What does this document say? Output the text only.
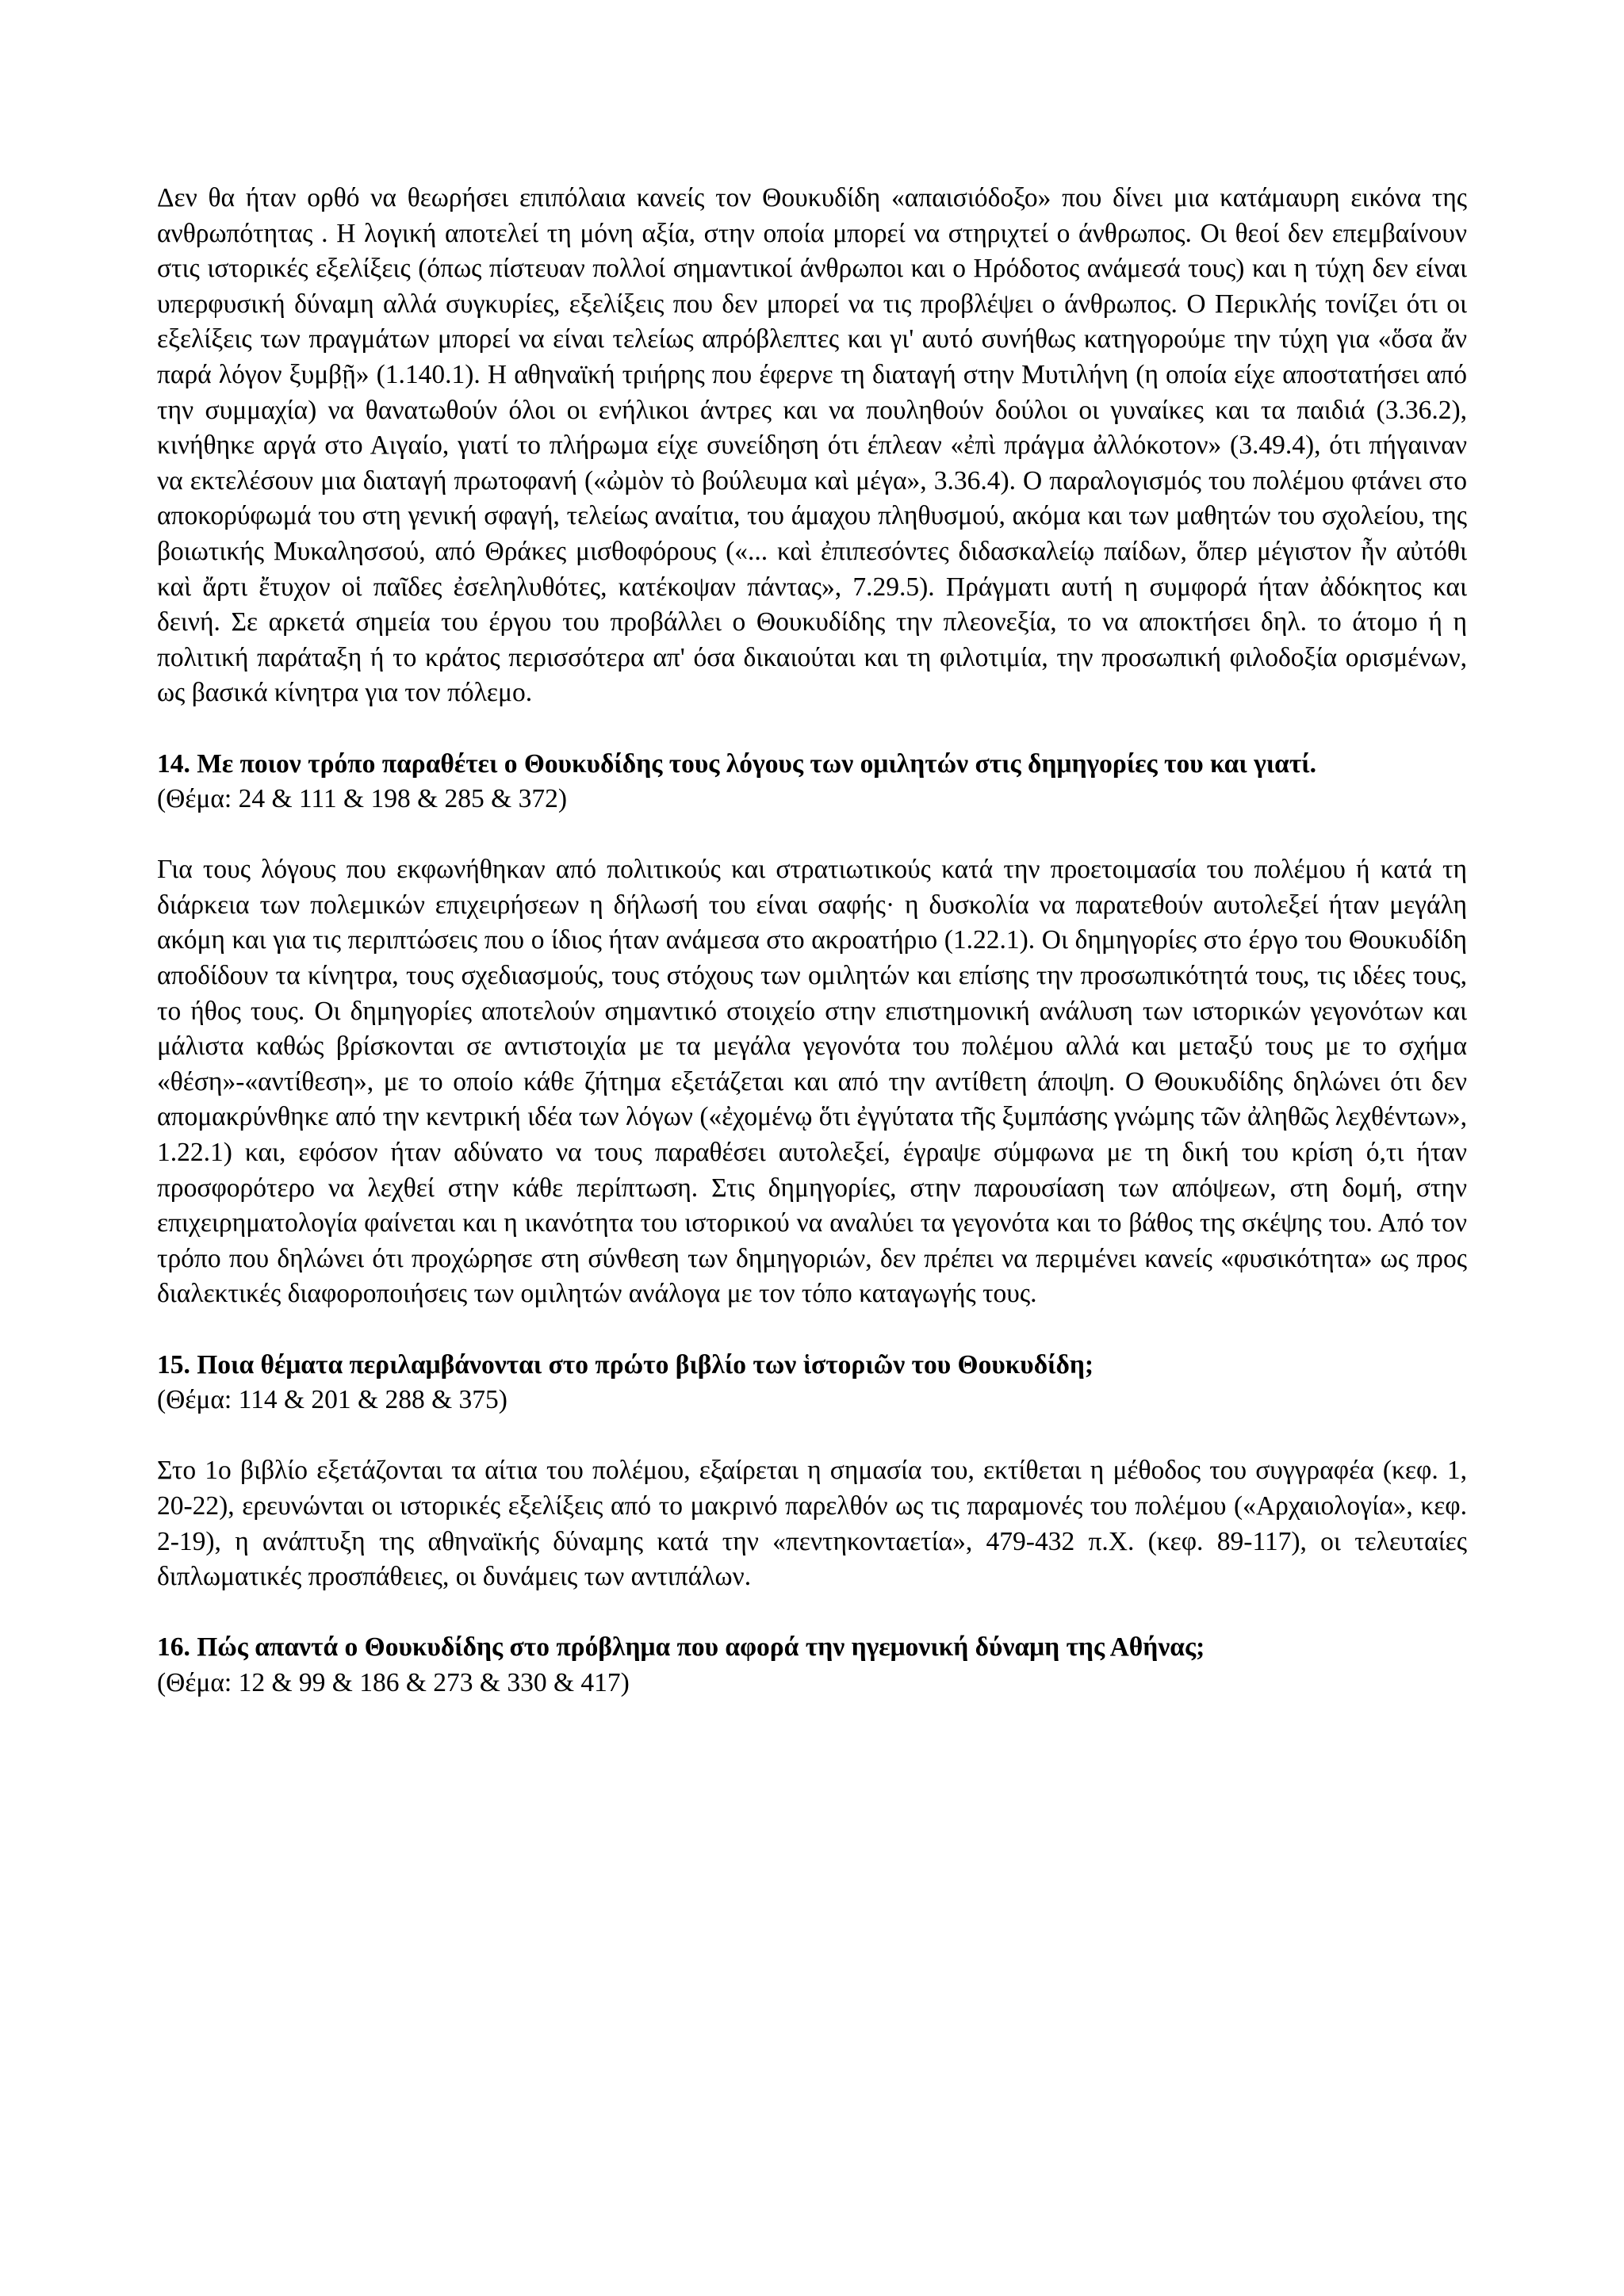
Δεν θα ήταν ορθό να θεωρήσει επιπόλαια κανείς τον Θουκυδίδη «απαισιόδοξο» που δίνει μια κατάμαυρη εικόνα της ανθρωπότητας . Η λογική αποτελεί τη μόνη αξία, στην οποία μπορεί να στηριχτεί ο άνθρωπος. Οι θεοί δεν επεμβαίνουν στις ιστορικές εξελίξεις (όπως πίστευαν πολλοί σημαντικοί άνθρωποι και ο Ηρόδοτος ανάμεσά τους) και η τύχη δεν είναι υπερφυσική δύναμη αλλά συγκυρίες, εξελίξεις που δεν μπορεί να τις προβλέψει ο άνθρωπος. Ο Περικλής τονίζει ότι οι εξελίξεις των πραγμάτων μπορεί να είναι τελείως απρόβλεπτες και γι' αυτό συνήθως κατηγορούμε την τύχη για «ὅσα ἄν παρά λόγον ξυμβῇ» (1.140.1). Η αθηναϊκή τριήρης που έφερνε τη διαταγή στην Μυτιλήνη (η οποία είχε αποστατήσει από την συμμαχία) να θανατωθούν όλοι οι ενήλικοι άντρες και να πουληθούν δούλοι οι γυναίκες και τα παιδιά (3.36.2), κινήθηκε αργά στο Αιγαίο, γιατί το πλήρωμα είχε συνείδηση ότι έπλεαν «ἐπὶ πράγμα ἀλλόκοτον» (3.49.4), ότι πήγαιναν να εκτελέσουν μια διαταγή πρωτοφανή («ὠμὸν τὸ βούλευμα καὶ μέγα», 3.36.4). Ο παραλογισμός του πολέμου φτάνει στο αποκορύφωμά του στη γενική σφαγή, τελείως αναίτια, του άμαχου πληθυσμού, ακόμα και των μαθητών του σχολείου, της βοιωτικής Μυκαλησσού, από Θράκες μισθοφόρους («... καὶ ἐπιπεσόντες διδασκαλείῳ παίδων, ὅπερ μέγιστον ἦν αὐτόθι καὶ ἄρτι ἔτυχον οἱ παῖδες ἐσεληλυθότες, κατέκοψαν πάντας», 7.29.5). Πράγματι αυτή η συμφορά ήταν ἀδόκητος και δεινή. Σε αρκετά σημεία του έργου του προβάλλει ο Θουκυδίδης την πλεονεξία, το να αποκτήσει δηλ. το άτομο ή η πολιτική παράταξη ή το κράτος περισσότερα απ' όσα δικαιούται και τη φιλοτιμία, την προσωπική φιλοδοξία ορισμένων, ως βασικά κίνητρα για τον πόλεμο.

14. Με ποιον τρόπο παραθέτει ο Θουκυδίδης τους λόγους των ομιλητών στις δημηγορίες του και γιατί.

(Θέμα: 24 & 111 & 198 & 285 & 372)

Για τους λόγους που εκφωνήθηκαν από πολιτικούς και στρατιωτικούς κατά την προετοιμασία του πολέμου ή κατά τη διάρκεια των πολεμικών επιχειρήσεων η δήλωσή του είναι σαφής· η δυσκολία να παρατεθούν αυτολεξεί ήταν μεγάλη ακόμη και για τις περιπτώσεις που ο ίδιος ήταν ανάμεσα στο ακροατήριο (1.22.1). Οι δημηγορίες στο έργο του Θουκυδίδη αποδίδουν τα κίνητρα, τους σχεδιασμούς, τους στόχους των ομιλητών και επίσης την προσωπικότητά τους, τις ιδέες τους, το ήθος τους. Οι δημηγορίες αποτελούν σημαντικό στοιχείο στην επιστημονική ανάλυση των ιστορικών γεγονότων και μάλιστα καθώς βρίσκονται σε αντιστοιχία με τα μεγάλα γεγονότα του πολέμου αλλά και μεταξύ τους με το σχήμα «θέση»-«αντίθεση», με το οποίο κάθε ζήτημα εξετάζεται και από την αντίθετη άποψη. Ο Θουκυδίδης δηλώνει ότι δεν απομακρύνθηκε από την κεντρική ιδέα των λόγων («ἐχομένῳ ὅτι ἐγγύτατα τῆς ξυμπάσης γνώμης τῶν ἀληθῶς λεχθέντων», 1.22.1) και, εφόσον ήταν αδύνατο να τους παραθέσει αυτολεξεί, έγραψε σύμφωνα με τη δική του κρίση ό,τι ήταν προσφορότερο να λεχθεί στην κάθε περίπτωση. Στις δημηγορίες, στην παρουσίαση των απόψεων, στη δομή, στην επιχειρηματολογία φαίνεται και η ικανότητα του ιστορικού να αναλύει τα γεγονότα και το βάθος της σκέψης του. Από τον τρόπο που δηλώνει ότι προχώρησε στη σύνθεση των δημηγοριών, δεν πρέπει να περιμένει κανείς «φυσικότητα» ως προς διαλεκτικές διαφοροποιήσεις των ομιλητών ανάλογα με τον τόπο καταγωγής τους.

15. Ποια θέματα περιλαμβάνονται στο πρώτο βιβλίο των ἱστοριῶν του Θουκυδίδη;

(Θέμα: 114 & 201 & 288 & 375)

Στο 1ο βιβλίο εξετάζονται τα αίτια του πολέμου, εξαίρεται η σημασία του, εκτίθεται η μέθοδος του συγγραφέα (κεφ. 1, 20-22), ερευνώνται οι ιστορικές εξελίξεις από το μακρινό παρελθόν ως τις παραμονές του πολέμου («Αρχαιολογία», κεφ. 2-19), η ανάπτυξη της αθηναϊκής δύναμης κατά την «πεντηκονταετία», 479-432 π.Χ. (κεφ. 89-117), οι τελευταίες διπλωματικές προσπάθειες, οι δυνάμεις των αντιπάλων.

16. Πώς απαντά ο Θουκυδίδης στο πρόβλημα που αφορά την ηγεμονική δύναμη της Αθήνας;

(Θέμα: 12 & 99 & 186 & 273 & 330 & 417)
